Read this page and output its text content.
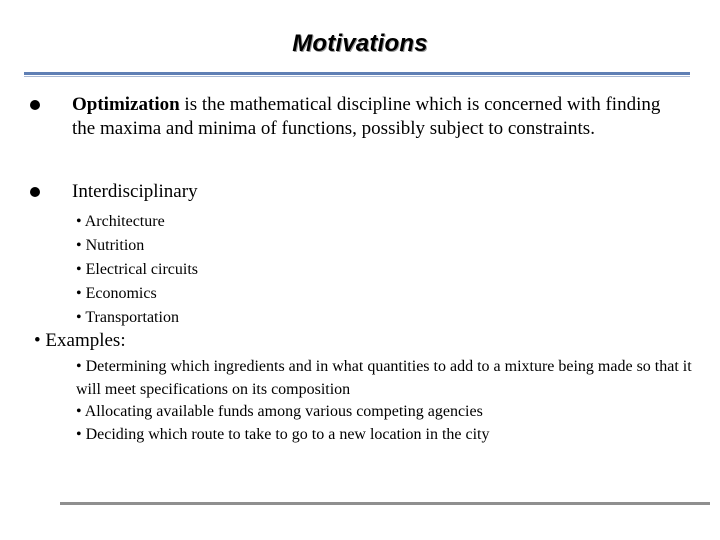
Motivations
Optimization is the mathematical discipline which is concerned with finding the maxima and minima of functions, possibly subject to constraints.
Interdisciplinary
• Architecture
• Nutrition
• Electrical circuits
• Economics
• Transportation
• Examples:

• Determining which ingredients and in what quantities to add to a mixture being made so that it will meet specifications on its composition

• Allocating available funds among various competing agencies

• Deciding which route to take to go to a new location in the city
